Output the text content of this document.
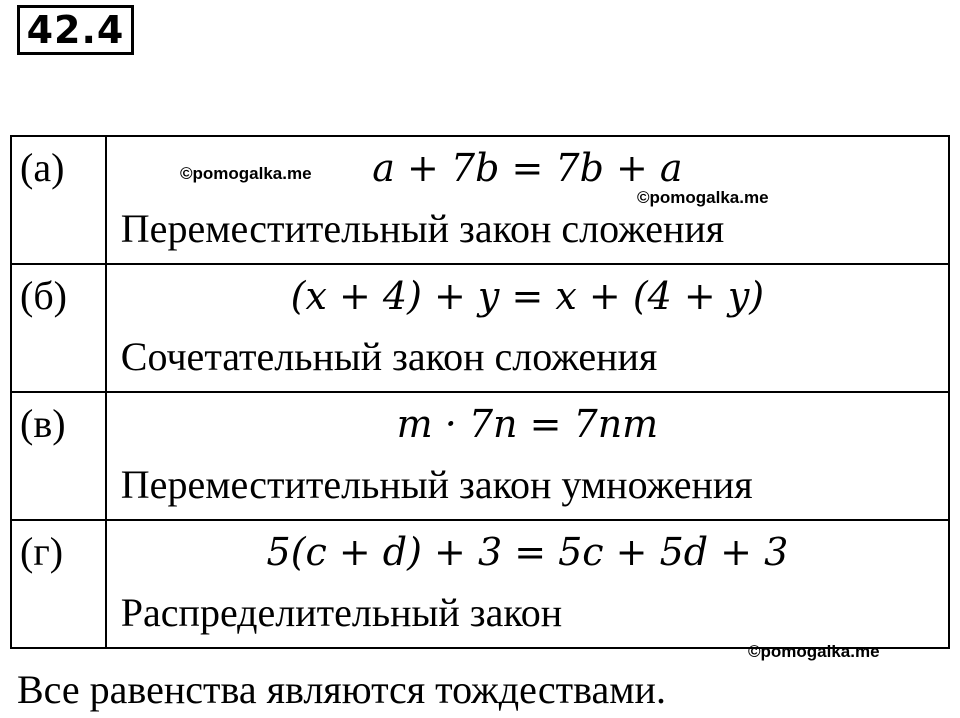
42.4
(а)	a + 7b = 7b + a
Переместительный закон сложения

(б)	(x + 4) + y = x + (4 + y)
Сочетательный закон сложения

(в)	m · 7n = 7nm
Переместительный закон умножения

(г)	5(c + d) + 3 = 5c + 5d + 3
Распределительный закон
©pomogalka.me
©pomogalka.me
©pomogalka.me
Все равенства являются тождествами.
